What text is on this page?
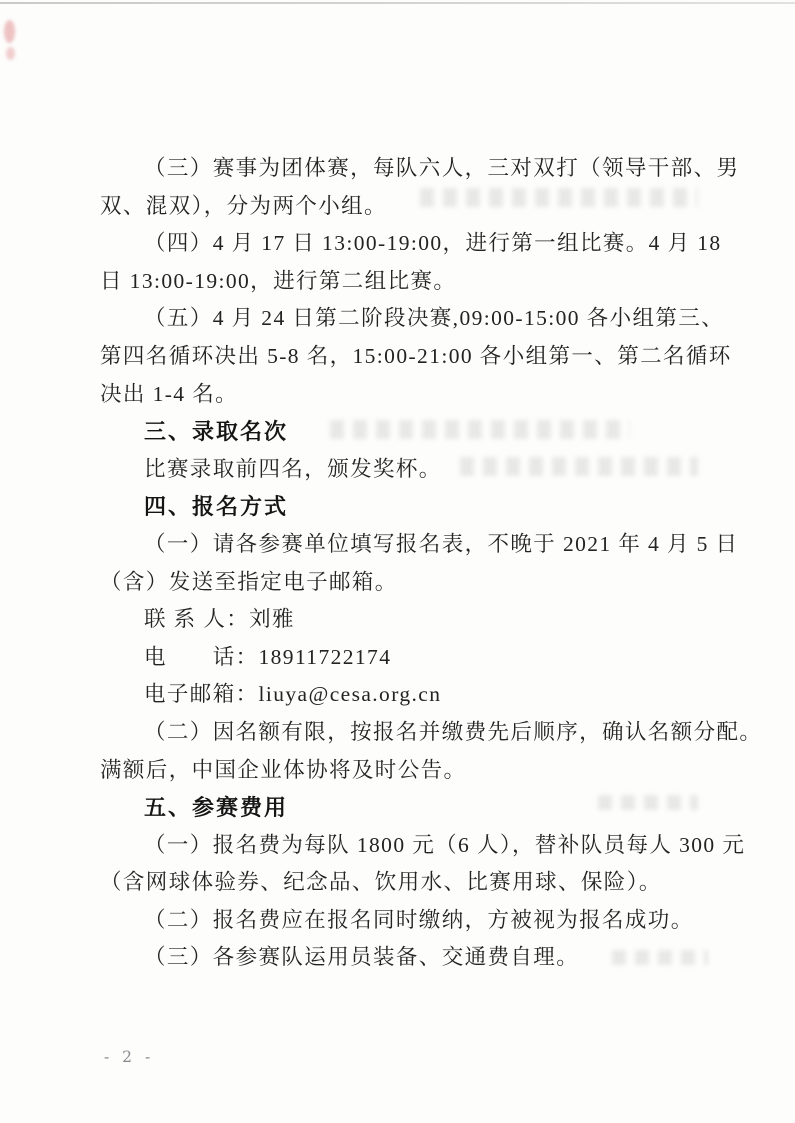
（三）赛事为团体赛，每队六人，三对双打（领导干部、男
双、混双），分为两个小组。
（四）4 月 17 日 13:00-19:00，进行第一组比赛。4 月 18
日 13:00-19:00，进行第二组比赛。
（五）4 月 24 日第二阶段决赛,09:00-15:00 各小组第三、
第四名循环决出 5-8 名，15:00-21:00 各小组第一、第二名循环
决出 1-4 名。
三、录取名次
比赛录取前四名，颁发奖杯。
四、报名方式
（一）请各参赛单位填写报名表，不晚于 2021 年 4 月 5 日
（含）发送至指定电子邮箱。
联 系 人：刘雅
电　　话：18911722174
电子邮箱：liuya@cesa.org.cn
（二）因名额有限，按报名并缴费先后顺序，确认名额分配。
满额后，中国企业体协将及时公告。
五、参赛费用
（一）报名费为每队 1800 元（6 人），替补队员每人 300 元
（含网球体验券、纪念品、饮用水、比赛用球、保险）。
（二）报名费应在报名同时缴纳，方被视为报名成功。
（三）各参赛队运用员装备、交通费自理。
- 2 -
